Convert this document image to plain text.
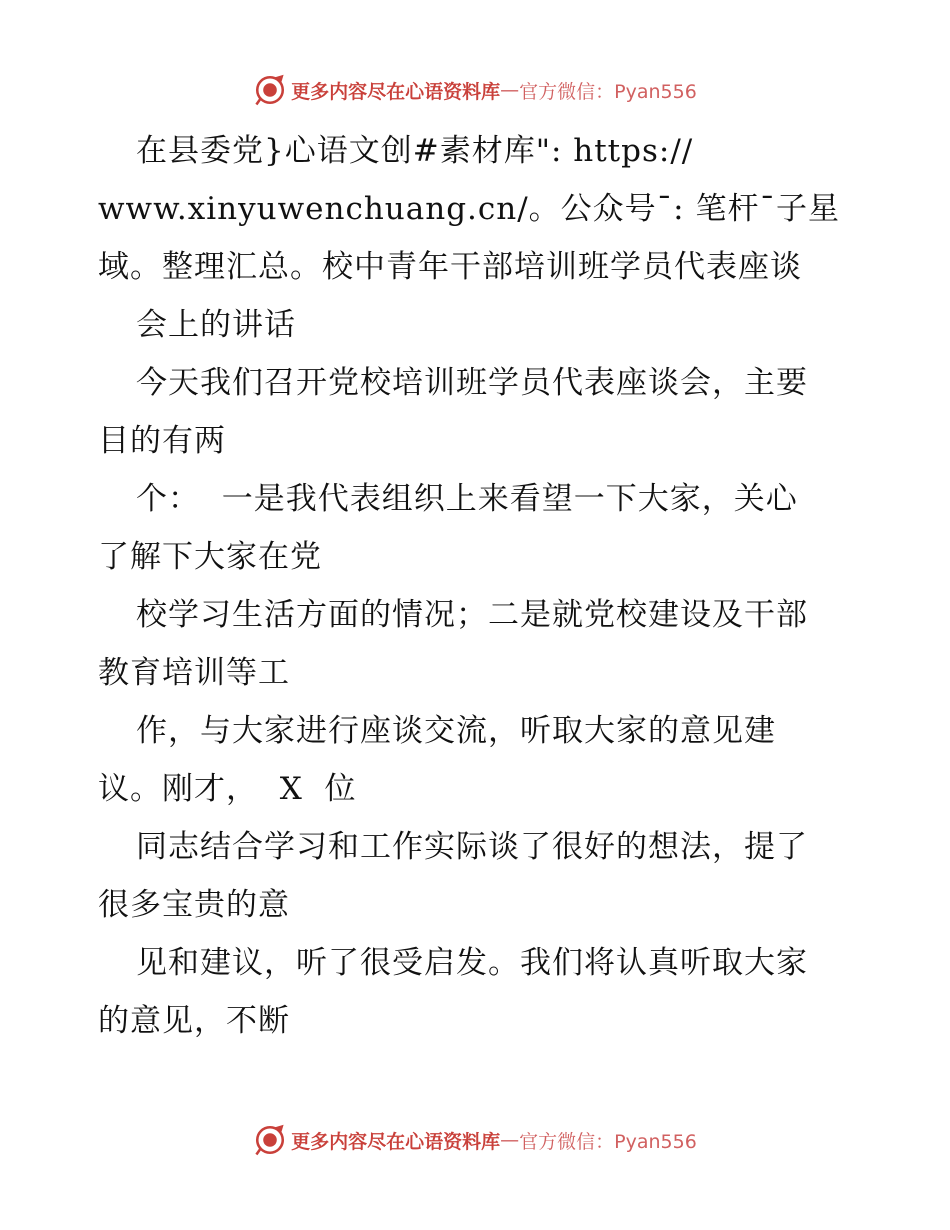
更多内容尽在心语资料库 — 官方微信：Pyan556
在县委党}心语文创#素材库": https://
www.xinyuwenchuang.cn/。公众号¯: 笔杆¯子星
域。整理汇总。校中青年干部培训班学员代表座谈
会上的讲话
今天我们召开党校培训班学员代表座谈会，主要
目的有两
个：  一是我代表组织上来看望一下大家，关心
了解下大家在党
校学习生活方面的情况；二是就党校建设及干部
教育培训等工
作，与大家进行座谈交流，听取大家的意见建
议。刚才，  X  位
同志结合学习和工作实际谈了很好的想法，提了
很多宝贵的意
见和建议，听了很受启发。我们将认真听取大家
的意见，不断
更多内容尽在心语资料库 — 官方微信：Pyan556
